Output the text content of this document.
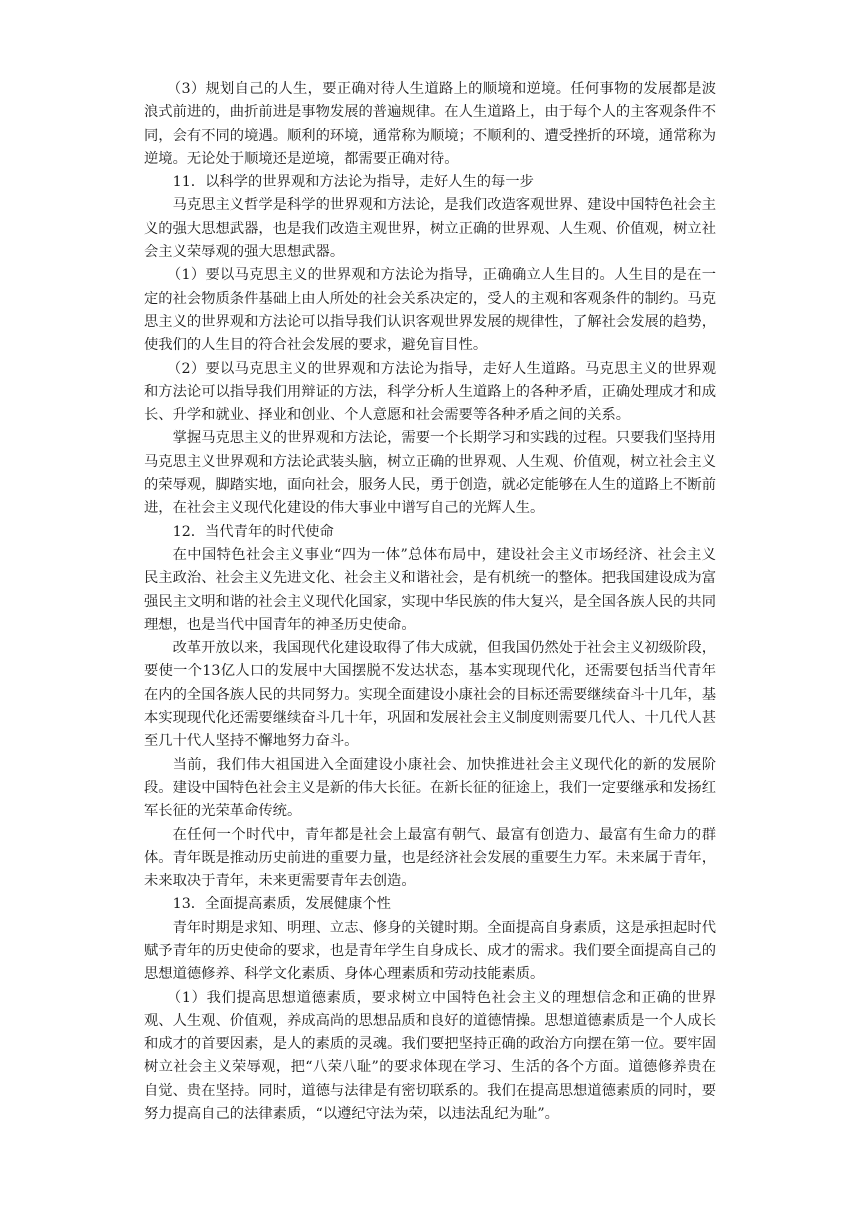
（3）规划自己的人生，要正确对待人生道路上的顺境和逆境。任何事物的发展都是波浪式前进的，曲折前进是事物发展的普遍规律。在人生道路上，由于每个人的主客观条件不同，会有不同的境遇。顺利的环境，通常称为顺境；不顺利的、遭受挫折的环境，通常称为逆境。无论处于顺境还是逆境，都需要正确对待。

11．以科学的世界观和方法论为指导，走好人生的每一步

马克思主义哲学是科学的世界观和方法论，是我们改造客观世界、建设中国特色社会主义的强大思想武器，也是我们改造主观世界，树立正确的世界观、人生观、价值观，树立社会主义荣辱观的强大思想武器。

（1）要以马克思主义的世界观和方法论为指导，正确确立人生目的。人生目的是在一定的社会物质条件基础上由人所处的社会关系决定的，受人的主观和客观条件的制约。马克思主义的世界观和方法论可以指导我们认识客观世界发展的规律性，了解社会发展的趋势，使我们的人生目的符合社会发展的要求，避免盲目性。

（2）要以马克思主义的世界观和方法论为指导，走好人生道路。马克思主义的世界观和方法论可以指导我们用辩证的方法，科学分析人生道路上的各种矛盾，正确处理成才和成长、升学和就业、择业和创业、个人意愿和社会需要等各种矛盾之间的关系。

掌握马克思主义的世界观和方法论，需要一个长期学习和实践的过程。只要我们坚持用马克思主义世界观和方法论武装头脑，树立正确的世界观、人生观、价值观，树立社会主义的荣辱观，脚踏实地，面向社会，服务人民，勇于创造，就必定能够在人生的道路上不断前进，在社会主义现代化建设的伟大事业中谱写自己的光辉人生。

12．当代青年的时代使命

在中国特色社会主义事业“四为一体”总体布局中，建设社会主义市场经济、社会主义民主政治、社会主义先进文化、社会主义和谐社会，是有机统一的整体。把我国建设成为富强民主文明和谐的社会主义现代化国家，实现中华民族的伟大复兴，是全国各族人民的共同理想，也是当代中国青年的神圣历史使命。

改革开放以来，我国现代化建设取得了伟大成就，但我国仍然处于社会主义初级阶段，要使一个13亿人口的发展中大国摆脱不发达状态，基本实现现代化，还需要包括当代青年在内的全国各族人民的共同努力。实现全面建设小康社会的目标还需要继续奋斗十几年，基本实现现代化还需要继续奋斗几十年，巩固和发展社会主义制度则需要几代人、十几代人甚至几十代人坚持不懈地努力奋斗。

当前，我们伟大祖国进入全面建设小康社会、加快推进社会主义现代化的新的发展阶段。建设中国特色社会主义是新的伟大长征。在新长征的征途上，我们一定要继承和发扬红军长征的光荣革命传统。

在任何一个时代中，青年都是社会上最富有朝气、最富有创造力、最富有生命力的群体。青年既是推动历史前进的重要力量，也是经济社会发展的重要生力军。未来属于青年，未来取决于青年，未来更需要青年去创造。

13．全面提高素质，发展健康个性

青年时期是求知、明理、立志、修身的关键时期。全面提高自身素质，这是承担起时代赋予青年的历史使命的要求，也是青年学生自身成长、成才的需求。我们要全面提高自己的思想道德修养、科学文化素质、身体心理素质和劳动技能素质。

（1）我们提高思想道德素质，要求树立中国特色社会主义的理想信念和正确的世界观、人生观、价值观，养成高尚的思想品质和良好的道德情操。思想道德素质是一个人成长和成才的首要因素，是人的素质的灵魂。我们要把坚持正确的政治方向摆在第一位。要牢固树立社会主义荣辱观，把“八荣八耻”的要求体现在学习、生活的各个方面。道德修养贵在自觉、贵在坚持。同时，道德与法律是有密切联系的。我们在提高思想道德素质的同时，要努力提高自己的法律素质，“以遵纪守法为荣，以违法乱纪为耻”。
